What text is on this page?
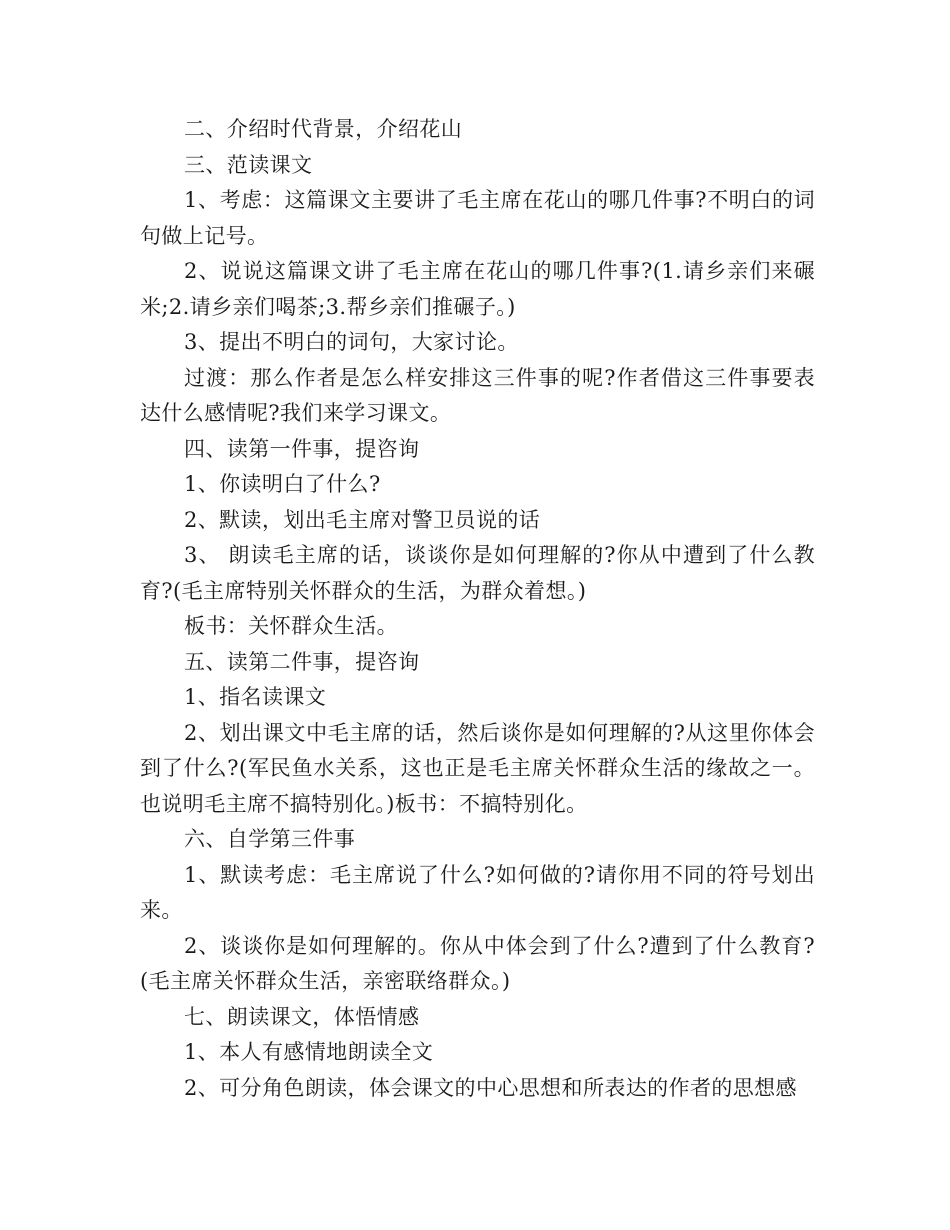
二、介绍时代背景，介绍花山

三、范读课文

1、考虑：这篇课文主要讲了毛主席在花山的哪几件事?不明白的词句做上记号。

2、说说这篇课文讲了毛主席在花山的哪几件事?(1.请乡亲们来碾米;2.请乡亲们喝茶;3.帮乡亲们推碾子。)

3、提出不明白的词句，大家讨论。

过渡：那么作者是怎么样安排这三件事的呢?作者借这三件事要表达什么感情呢?我们来学习课文。

四、读第一件事，提咨询

1、你读明白了什么?

2、默读，划出毛主席对警卫员说的话

3、 朗读毛主席的话，谈谈你是如何理解的?你从中遭到了什么教育?(毛主席特别关怀群众的生活，为群众着想。)

板书：关怀群众生活。

五、读第二件事，提咨询

1、指名读课文

2、划出课文中毛主席的话，然后谈你是如何理解的?从这里你体会到了什么?(军民鱼水关系，这也正是毛主席关怀群众生活的缘故之一。也说明毛主席不搞特别化。)板书：不搞特别化。

六、自学第三件事

1、默读考虑：毛主席说了什么?如何做的?请你用不同的符号划出来。

2、谈谈你是如何理解的。你从中体会到了什么?遭到了什么教育?(毛主席关怀群众生活，亲密联络群众。)

七、朗读课文，体悟情感

1、本人有感情地朗读全文

2、可分角色朗读，体会课文的中心思想和所表达的作者的思想感
